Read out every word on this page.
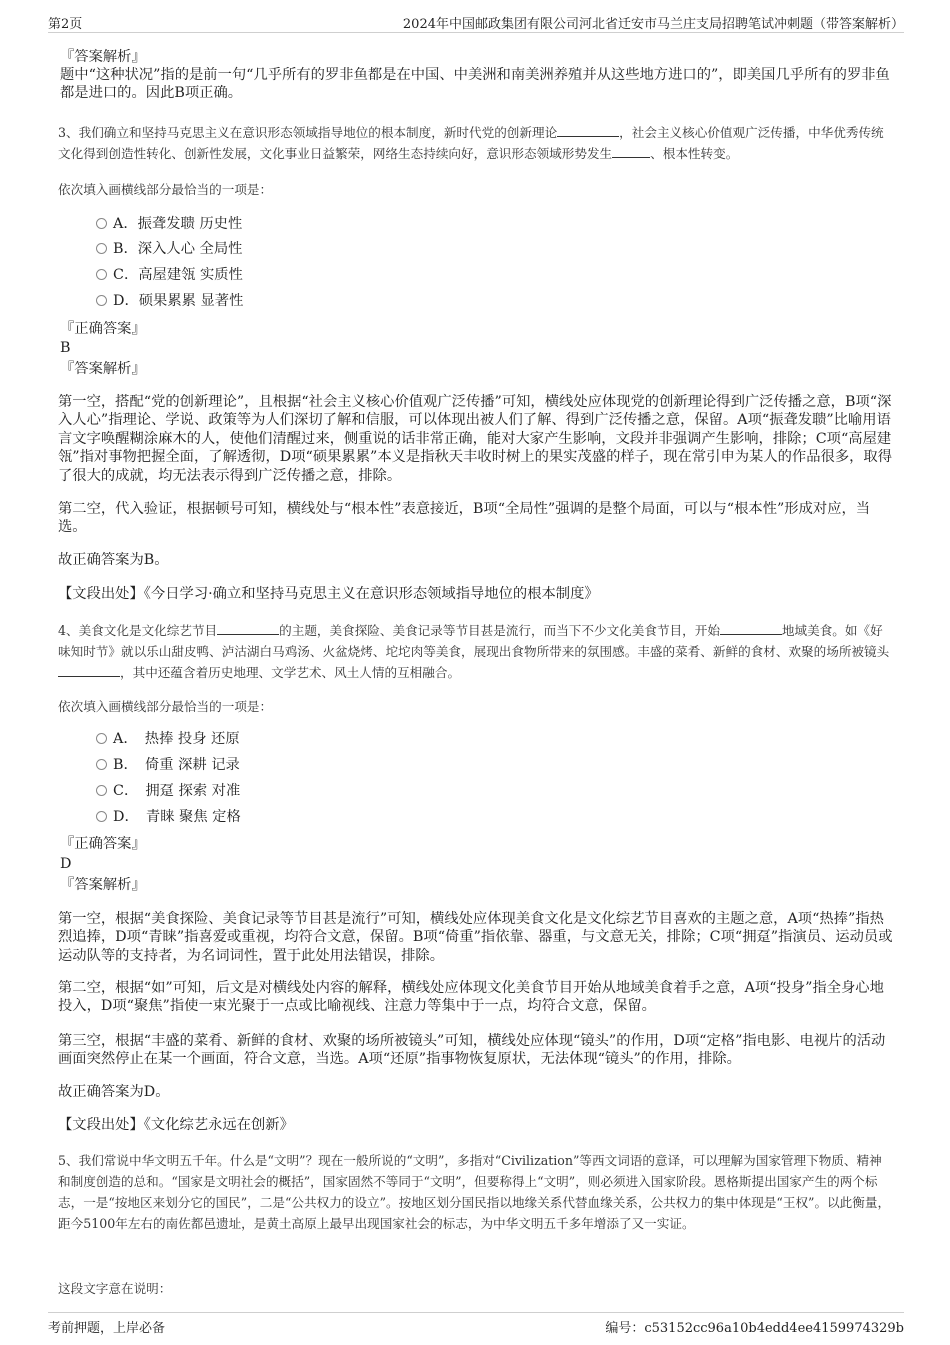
第2页	2024年中国邮政集团有限公司河北省迁安市马兰庄支局招聘笔试冲刺题（带答案解析）
『答案解析』

题中“这种状况”指的是前一句“几乎所有的罗非鱼都是在中国、中美洲和南美洲养殖并从这些地方进口的”，即美国几乎所有的罗非鱼都是进口的。因此B项正确。

3、我们确立和坚持马克思主义在意识形态领域指导地位的根本制度，新时代党的创新理论	，社会主义核心价值观广泛传播，中华优秀传统文化得到创造性转化、创新性发展，文化事业日益繁荣，网络生态持续向好，意识形态领域形势发生	、根本性转变。

依次填入画横线部分最恰当的一项是：
A．振聋发聩 历史性
B．深入人心 全局性
C．高屋建瓴 实质性
D．硕果累累 显著性
『正确答案』
B
『答案解析』

第一空，搭配“党的创新理论”，且根据“社会主义核心价值观广泛传播”可知，横线处应体现党的创新理论得到广泛传播之意，B项“深入人心”指理论、学说、政策等为人们深切了解和信服，可以体现出被人们了解、得到广泛传播之意，保留。A项“振聋发聩”比喻用语言文字唤醒糊涂麻木的人，使他们清醒过来，侧重说的话非常正确，能对大家产生影响，文段并非强调产生影响，排除；C项“高屋建瓴”指对事物把握全面，了解透彻，D项“硕果累累”本义是指秋天丰收时树上的果实茂盛的样子，现在常引申为某人的作品很多，取得了很大的成就，均无法表示得到广泛传播之意，排除。

第二空，代入验证，根据顿号可知，横线处与“根本性”表意接近，B项“全局性”强调的是整个局面，可以与“根本性”形成对应，当选。

故正确答案为B。

【文段出处】《今日学习·确立和坚持马克思主义在意识形态领域指导地位的根本制度》

4、美食文化是文化综艺节目	的主题，美食探险、美食记录等节目甚是流行，而当下不少文化美食节目，开始	地域美食。如《好味知时节》就以乐山甜皮鸭、泸沽湖白马鸡汤、火盆烧烤、坨坨肉等美食，展现出食物所带来的氛围感。丰盛的菜肴、新鲜的食材、欢聚的场所被镜头，其中还蕴含着历史地理、文学艺术、风土人情的互相融合。

依次填入画横线部分最恰当的一项是：
A．　热捧 投身 还原
B．　倚重 深耕 记录
C．　拥趸 探索 对准
D．　青睐 聚焦 定格
『正确答案』
D
『答案解析』

第一空，根据“美食探险、美食记录等节目甚是流行”可知，横线处应体现美食文化是文化综艺节目喜欢的主题之意，A项“热捧”指热烈追捧，D项“青睐”指喜爱或重视，均符合文意，保留。B项“倚重”指依靠、器重，与文意无关，排除；C项“拥趸”指演员、运动员或运动队等的支持者，为名词词性，置于此处用法错误，排除。

第二空，根据“如”可知，后文是对横线处内容的解释，横线处应体现文化美食节目开始从地域美食着手之意，A项“投身”指全身心地投入，D项“聚焦”指使一束光聚于一点或比喻视线、注意力等集中于一点，均符合文意，保留。

第三空，根据“丰盛的菜肴、新鲜的食材、欢聚的场所被镜头”可知，横线处应体现“镜头”的作用，D项“定格”指电影、电视片的活动画面突然停止在某一个画面，符合文意，当选。A项“还原”指事物恢复原状，无法体现“镜头”的作用，排除。

故正确答案为D。

【文段出处】《文化综艺永远在创新》

5、我们常说中华文明五千年。什么是“文明”？现在一般所说的“文明”，多指对“Civilization”等西文词语的意译，可以理解为国家管理下物质、精神和制度创造的总和。“国家是文明社会的概括”，国家固然不等同于“文明”，但要称得上“文明”，则必须进入国家阶段。恩格斯提出国家产生的两个标志，一是“按地区来划分它的国民”，二是“公共权力的设立”。按地区划分国民指以地缘关系代替血缘关系，公共权力的集中体现是“王权”。以此衡量，距今5100年左右的南佐都邑遗址，是黄土高原上最早出现国家社会的标志，为中华文明五千多年增添了又一实证。

这段文字意在说明：
考前押题，上岸必备	编号：c53152cc96a10b4edd4ee4159974329b
